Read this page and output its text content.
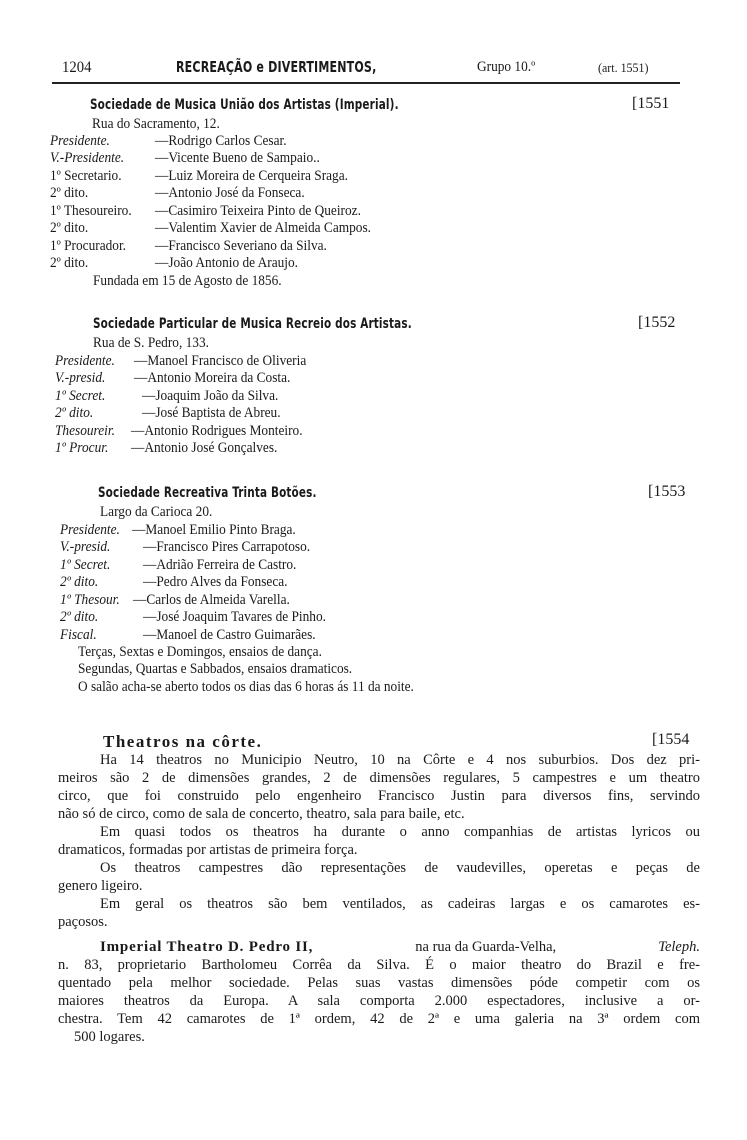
1204	RECREAÇÃO e DIVERTIMENTOS,	Grupo 10.º	(art. 1551)
Sociedade de Musica União dos Artistas (Imperial).	[1551
Rua do Sacramento, 12.
Presidente.	—Rodrigo Carlos Cesar.
V.-Presidente. —Vicente Bueno de Sampaio..
1º Secretario. —Luiz Moreira de Cerqueira Sraga.
2º dito.	—Antonio José da Fonseca.
1º Thesoureiro. —Casimiro Teixeira Pinto de Queiroz.
2º dito.	—Valentim Xavier de Almeida Campos.
1º Procurador. —Francisco Severiano da Silva.
2º dito.	—João Antonio de Araujo.
Fundada em 15 de Agosto de 1856.
Sociedade Particular de Musica Recreio dos Artistas.	[1552
Rua de S. Pedro, 133.
Presidente. —Manoel Francisco de Oliveria
V.-presid. —Antonio Moreira da Costa.
1º Secret.	—Joaquim João da Silva.
2º dito.	—José Baptista de Abreu.
Thesoureir. —Antonio Rodrigues Monteiro.
1º Procur. —Antonio José Gonçalves.
Sociedade Recreativa Trinta Botões.	[1553
Largo da Carioca 20.
Presidente. —Manoel Emilio Pinto Braga.
V.-presid. —Francisco Pires Carrapotoso.
1º Secret. —Adrião Ferreira de Castro.
2º dito.	—Pedro Alves da Fonseca.
1º Thesour. —Carlos de Almeida Varella.
2º dito.	—José Joaquim Tavares de Pinho.
Fiscal.	—Manoel de Castro Guimarães.
Terças, Sextas e Domingos, ensaios de dança.
Segundas, Quartas e Sabbados, ensaios dramaticos.
O salão acha-se aberto todos os dias das 6 horas ás 11 da noite.
Theatros na côrte.	[1554
Ha 14 theatros no Municipio Neutro, 10 na Côrte e 4 nos suburbios. Dos dez pri-
meiros são 2 de dimensões grandes, 2 de dimensões regulares, 5 campestres e um theatro
circo, que foi construido pelo engenheiro Francisco Justin para diversos fins, servindo
não só de circo, como de sala de concerto, theatro, sala para baile, etc.
Em quasi todos os theatros ha durante o anno companhias de artistas lyricos ou
dramaticos, formadas por artistas de primeira força.
Os theatros campestres dão representações de vaudevilles, operetas e peças de
genero ligeiro.
Em geral os theatros são bem ventilados, as cadeiras largas e os camarotes es-
paçosos.
Imperial Theatro D. Pedro II,	na rua da Guarda-Velha,	Teleph.
n. 83, proprietario Bartholomeu Corrêa da Silva. É o maior theatro do Brazil e fre-
quentado pela melhor sociedade. Pelas suas vastas dimensões póde competir com os
maiores theatros da Europa. A sala comporta 2.000 espectadores, inclusive a or-
chestra. Tem 42 camarotes de 1ª ordem, 42 de 2ª e uma galeria na 3ª ordem com
500 logares.
